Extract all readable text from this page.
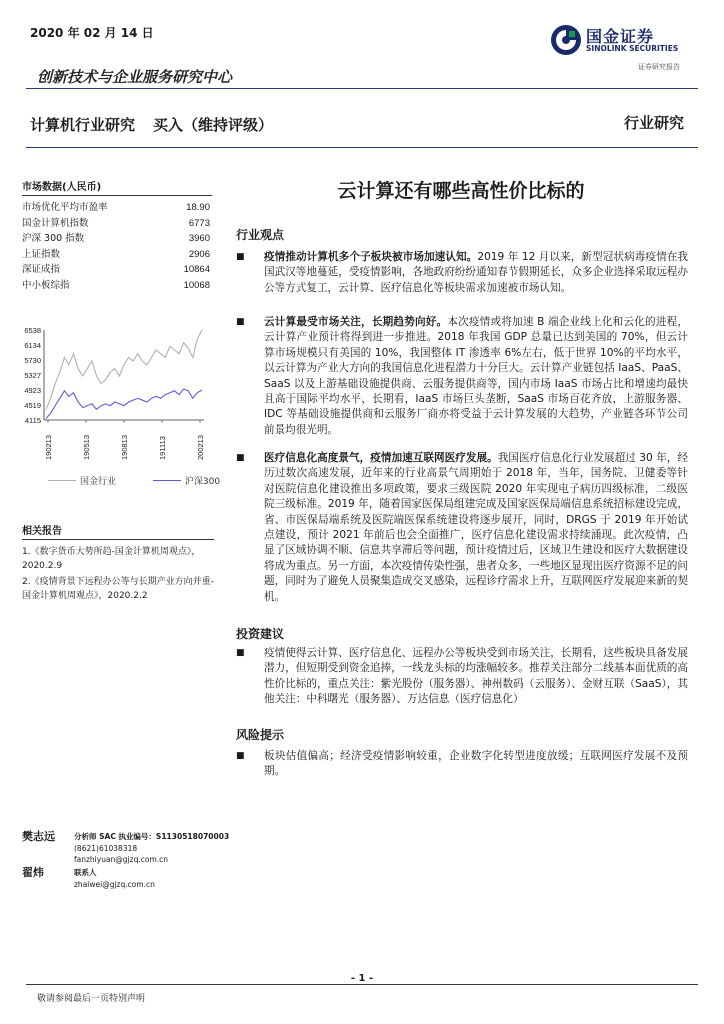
2020 年 02 月 14 日
创新技术与企业服务研究中心
国金证券
SINOLINK SECURITIES
证券研究报告
计算机行业研究 买入（维持评级）	行业研究
市场数据(人民币)
市场优化平均市盈率	18.90
国金计算机指数	6773
沪深 300 指数	3960
上证指数	2906
深证成指	10864
中小板综指	10068
6538
6134
5730
5327
4923
4519
4115
190213	190513	190813	191113	200213
国金行业
	沪深300
相关报告
1.《数字货币大势所趋-国金计算机周观点》，2020.2.9
2.《疫情背景下远程办公等与长期产业方向并重-国金计算机周观点》，2020.2.2
云计算还有哪些高性价比标的
行业观点
■ 疫情推动计算机多个子板块被市场加速认知。2019 年 12 月以来，新型冠状病毒疫情在我国武汉等地蔓延，受疫情影响，各地政府纷纷通知春节假期延长，众多企业选择采取远程办公等方式复工，云计算、医疗信息化等板块需求加速被市场认知。
■ 云计算最受市场关注，长期趋势向好。本次疫情或将加速 B 端企业线上化和云化的进程，云计算产业预计将得到进一步推进。2018 年我国 GDP 总量已达到美国的 70%，但云计算市场规模只有美国的 10%，我国整体 IT 渗透率 6%左右，低于世界 10%的平均水平，以云计算为产业大方向的我国信息化进程潜力十分巨大。云计算产业链包括 IaaS、PaaS、SaaS 以及上游基础设施提供商、云服务提供商等，国内市场 IaaS 市场占比和增速均最快且高于国际平均水平，长期看，IaaS 市场巨头垄断，SaaS 市场百花齐放，上游服务器、IDC 等基础设施提供商和云服务厂商亦将受益于云计算发展的大趋势，产业链各环节公司前景均很光明。
■ 医疗信息化高度景气，疫情加速互联网医疗发展。我国医疗信息化行业发展超过 30 年，经历过数次高速发展，近年来的行业高景气周期始于 2018 年，当年，国务院、卫健委等针对医院信息化建设推出多项政策，要求三级医院 2020 年实现电子病历四级标准，二级医院三级标准。2019 年，随着国家医保局组建完成及国家医保局端信息系统招标建设完成，省、市医保局端系统及医院端医保系统建设将逐步展开，同时，DRGS 于 2019 年开始试点建设，预计 2021 年前后也会全面推广，医疗信息化建设需求持续涌现。此次疫情，凸显了区域协调不顺、信息共享滞后等问题，预计疫情过后，区域卫生建设和医疗大数据建设将成为重点。另一方面，本次疫情传染性强，患者众多，一些地区显现出医疗资源不足的问题，同时为了避免人员聚集造成交叉感染，远程诊疗需求上升，互联网医疗发展迎来新的契机。
投资建议
■ 疫情使得云计算、医疗信息化、远程办公等板块受到市场关注，长期看，这些板块具备发展潜力，但短期受到资金追捧，一线龙头标的均涨幅较多。推荐关注部分二线基本面优质的高性价比标的，重点关注：紫光股份（服务器）、神州数码（云服务）、金财互联（SaaS），其他关注：中科曙光（服务器）、万达信息（医疗信息化）
风险提示
■ 板块估值偏高；经济受疫情影响较重，企业数字化转型进度放缓；互联网医疗发展不及预期。
樊志远	分析师 SAC 执业编号：S1130518070003
(8621)61038318
fanzhiyuan@gjzq.com.cn
翟炜	联系人
zhaiwei@gjzq.com.cn
- 1 -
敬请参阅最后一页特别声明
